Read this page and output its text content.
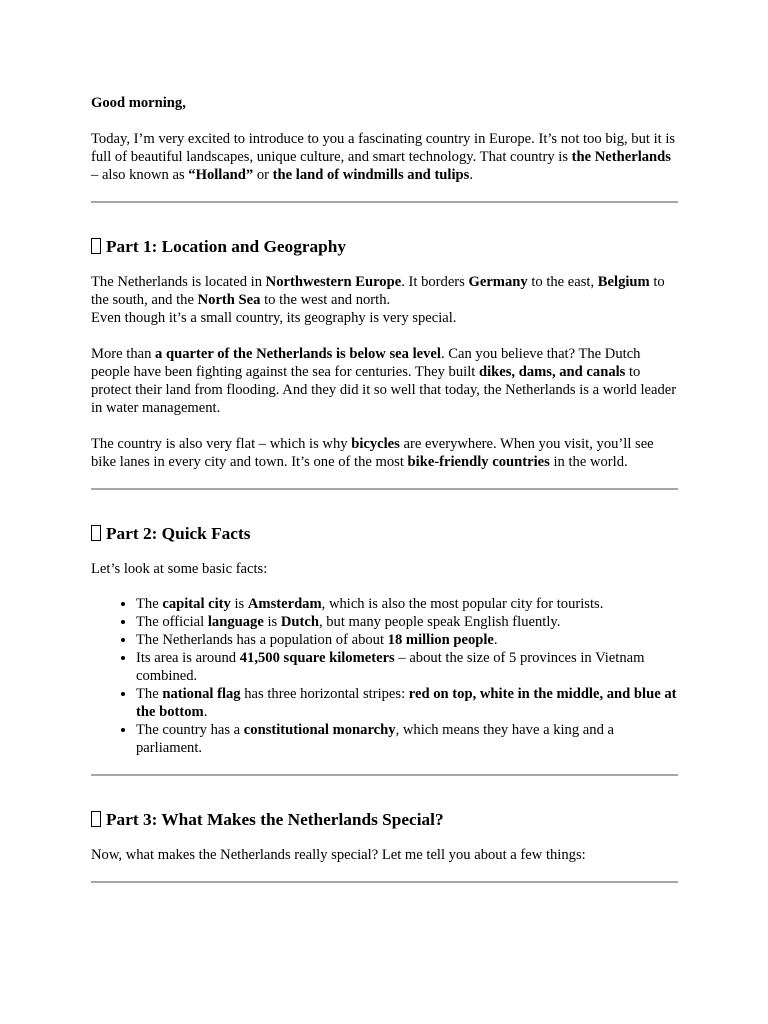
Good morning,

Today, I’m very excited to introduce to you a fascinating country in Europe. It’s not too big, but it is full of beautiful landscapes, unique culture, and smart technology. That country is the Netherlands – also known as “Holland” or the land of windmills and tulips.

Part 1: Location and Geography

The Netherlands is located in Northwestern Europe. It borders Germany to the east, Belgium to the south, and the North Sea to the west and north.
Even though it’s a small country, its geography is very special.

More than a quarter of the Netherlands is below sea level. Can you believe that? The Dutch people have been fighting against the sea for centuries. They built dikes, dams, and canals to protect their land from flooding. And they did it so well that today, the Netherlands is a world leader in water management.

The country is also very flat – which is why bicycles are everywhere. When you visit, you’ll see bike lanes in every city and town. It’s one of the most bike-friendly countries in the world.

Part 2: Quick Facts

Let’s look at some basic facts:

• The capital city is Amsterdam, which is also the most popular city for tourists.
• The official language is Dutch, but many people speak English fluently.
• The Netherlands has a population of about 18 million people.
• Its area is around 41,500 square kilometers – about the size of 5 provinces in Vietnam combined.
• The national flag has three horizontal stripes: red on top, white in the middle, and blue at the bottom.
• The country has a constitutional monarchy, which means they have a king and a parliament.
Part 3: What Makes the Netherlands Special?

Now, what makes the Netherlands really special? Let me tell you about a few things:
